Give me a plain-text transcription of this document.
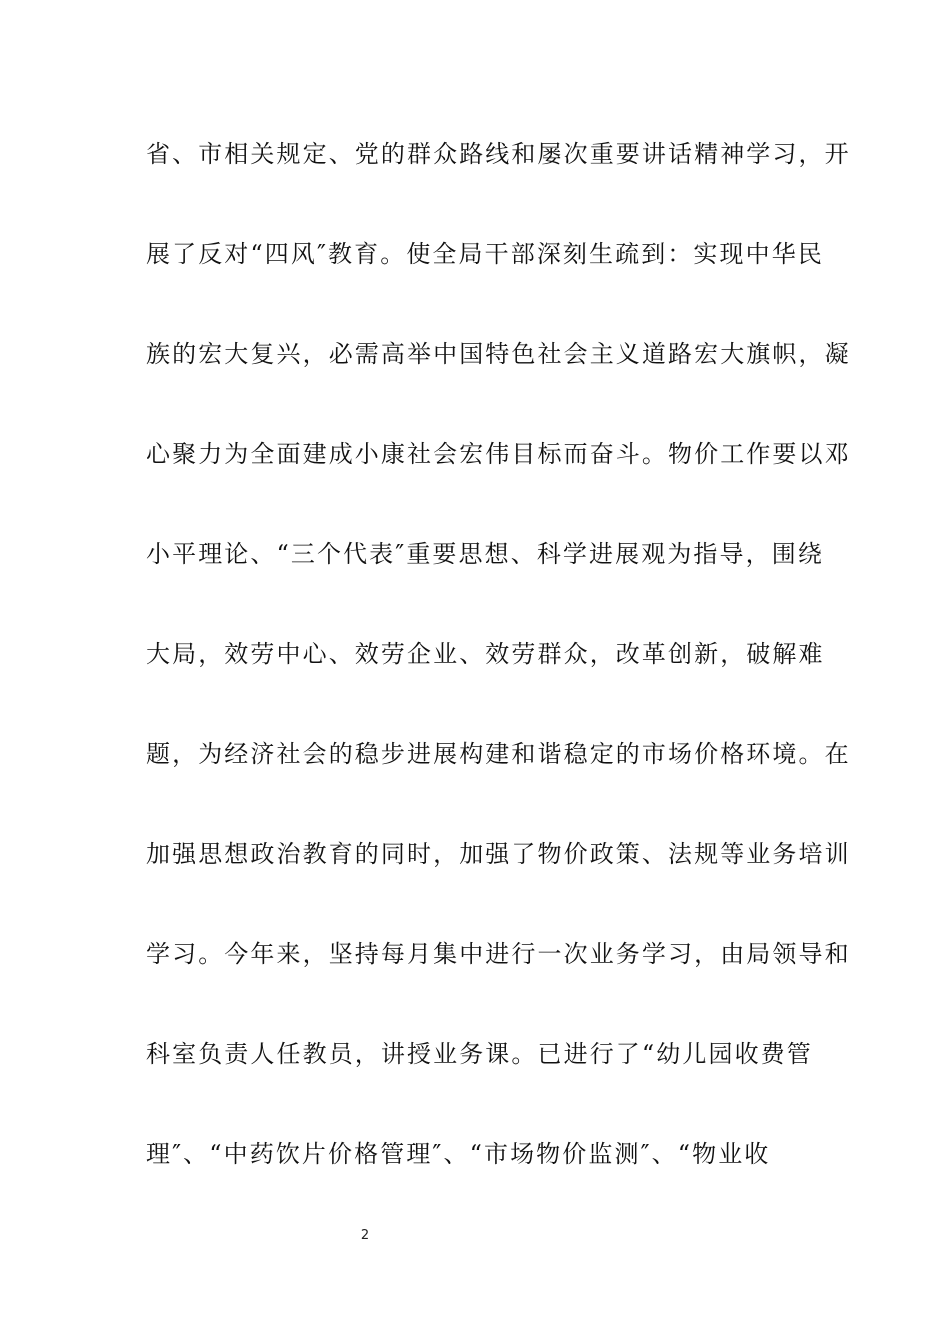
省、市相关规定、党的群众路线和屡次重要讲话精神学习，开
展了反对“四风″教育。使全局干部深刻生疏到：实现中华民
族的宏大复兴，必需高举中国特色社会主义道路宏大旗帜，凝
心聚力为全面建成小康社会宏伟目标而奋斗。物价工作要以邓
小平理论、“三个代表″重要思想、科学进展观为指导，围绕
大局，效劳中心、效劳企业、效劳群众，改革创新，破解难
题，为经济社会的稳步进展构建和谐稳定的市场价格环境。在
加强思想政治教育的同时，加强了物价政策、法规等业务培训
学习。今年来，坚持每月集中进行一次业务学习，由局领导和
科室负责人任教员，讲授业务课。已进行了“幼儿园收费管
理″、“中药饮片价格管理″、“市场物价监测″、“物业收
2
